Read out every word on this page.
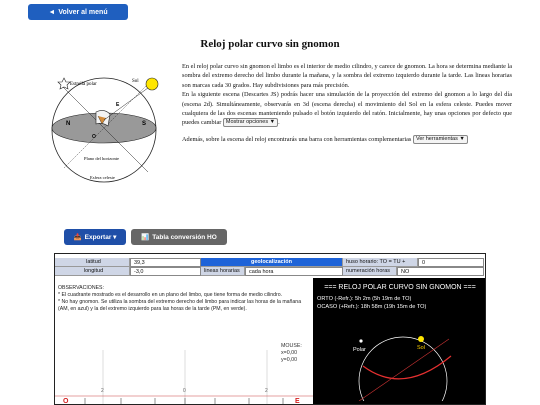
◄ Volver al menú
Reloj polar curvo sin gnomon
Estrella polar
Sol
N	S
E
O
Plano del horizonte
Esfera celeste

En el reloj polar curvo sin gnomon el limbo es el interior de medio cilindro, y carece de gnomon. La hora se determina mediante la sombra del extremo derecho del limbo durante la mañana, y la sombra del extremo izquierdo durante la tarde. Las lineas horarias son marcas cada 30 grados. Hay subdivisiones para más precisión.

En la siguiente escena (Descartes JS) podrás hacer una simulación de la proyección del extremo del gnomon a lo largo del día (escena 2d). Simultáneamente, observarás en 3d (escena derecha) el movimiento del Sol en la esfera celeste. Puedes mover cualquiera de las dos escenas manteniendo pulsado el botón izquierdo del ratón. Inicialmente, hay unas opciones por defecto que puedes cambiar Mostrar opciones ▼ .

Además, sobre la escena del reloj encontrarás una barra con herramientas complementarias Ver herramientas ▼

📥 Exportar ▾	📊 Tabla conversión HO
latitud	39,3	geolocalización	huso horario: TO = TU +	0
longitud	-3,0	lineas horarias	cada hora	numeración horas	NO
OBSERVACIONES:
* El cuadrante mostrado es el desarrollo en un plano del limbo, que tiene forma de medio cilindro.
* No hay gnomon. Se utiliza la sombra del extremo derecho del limbo para indicar las horas de la mañana (AM, en azul) y la del extremo izquierdo para las horas de la tarde (PM, en verde).
MOUSE:
x=0,00
y=0,00
2	0	2
O	E
=== RELOJ POLAR CURVO SIN GNOMON ===
ORTO (-Refr.): 5h 2m (5h 19m de TO)
OCASO (+Refr.): 18h 58m (19h 15m de TO)
Polar	Sol
